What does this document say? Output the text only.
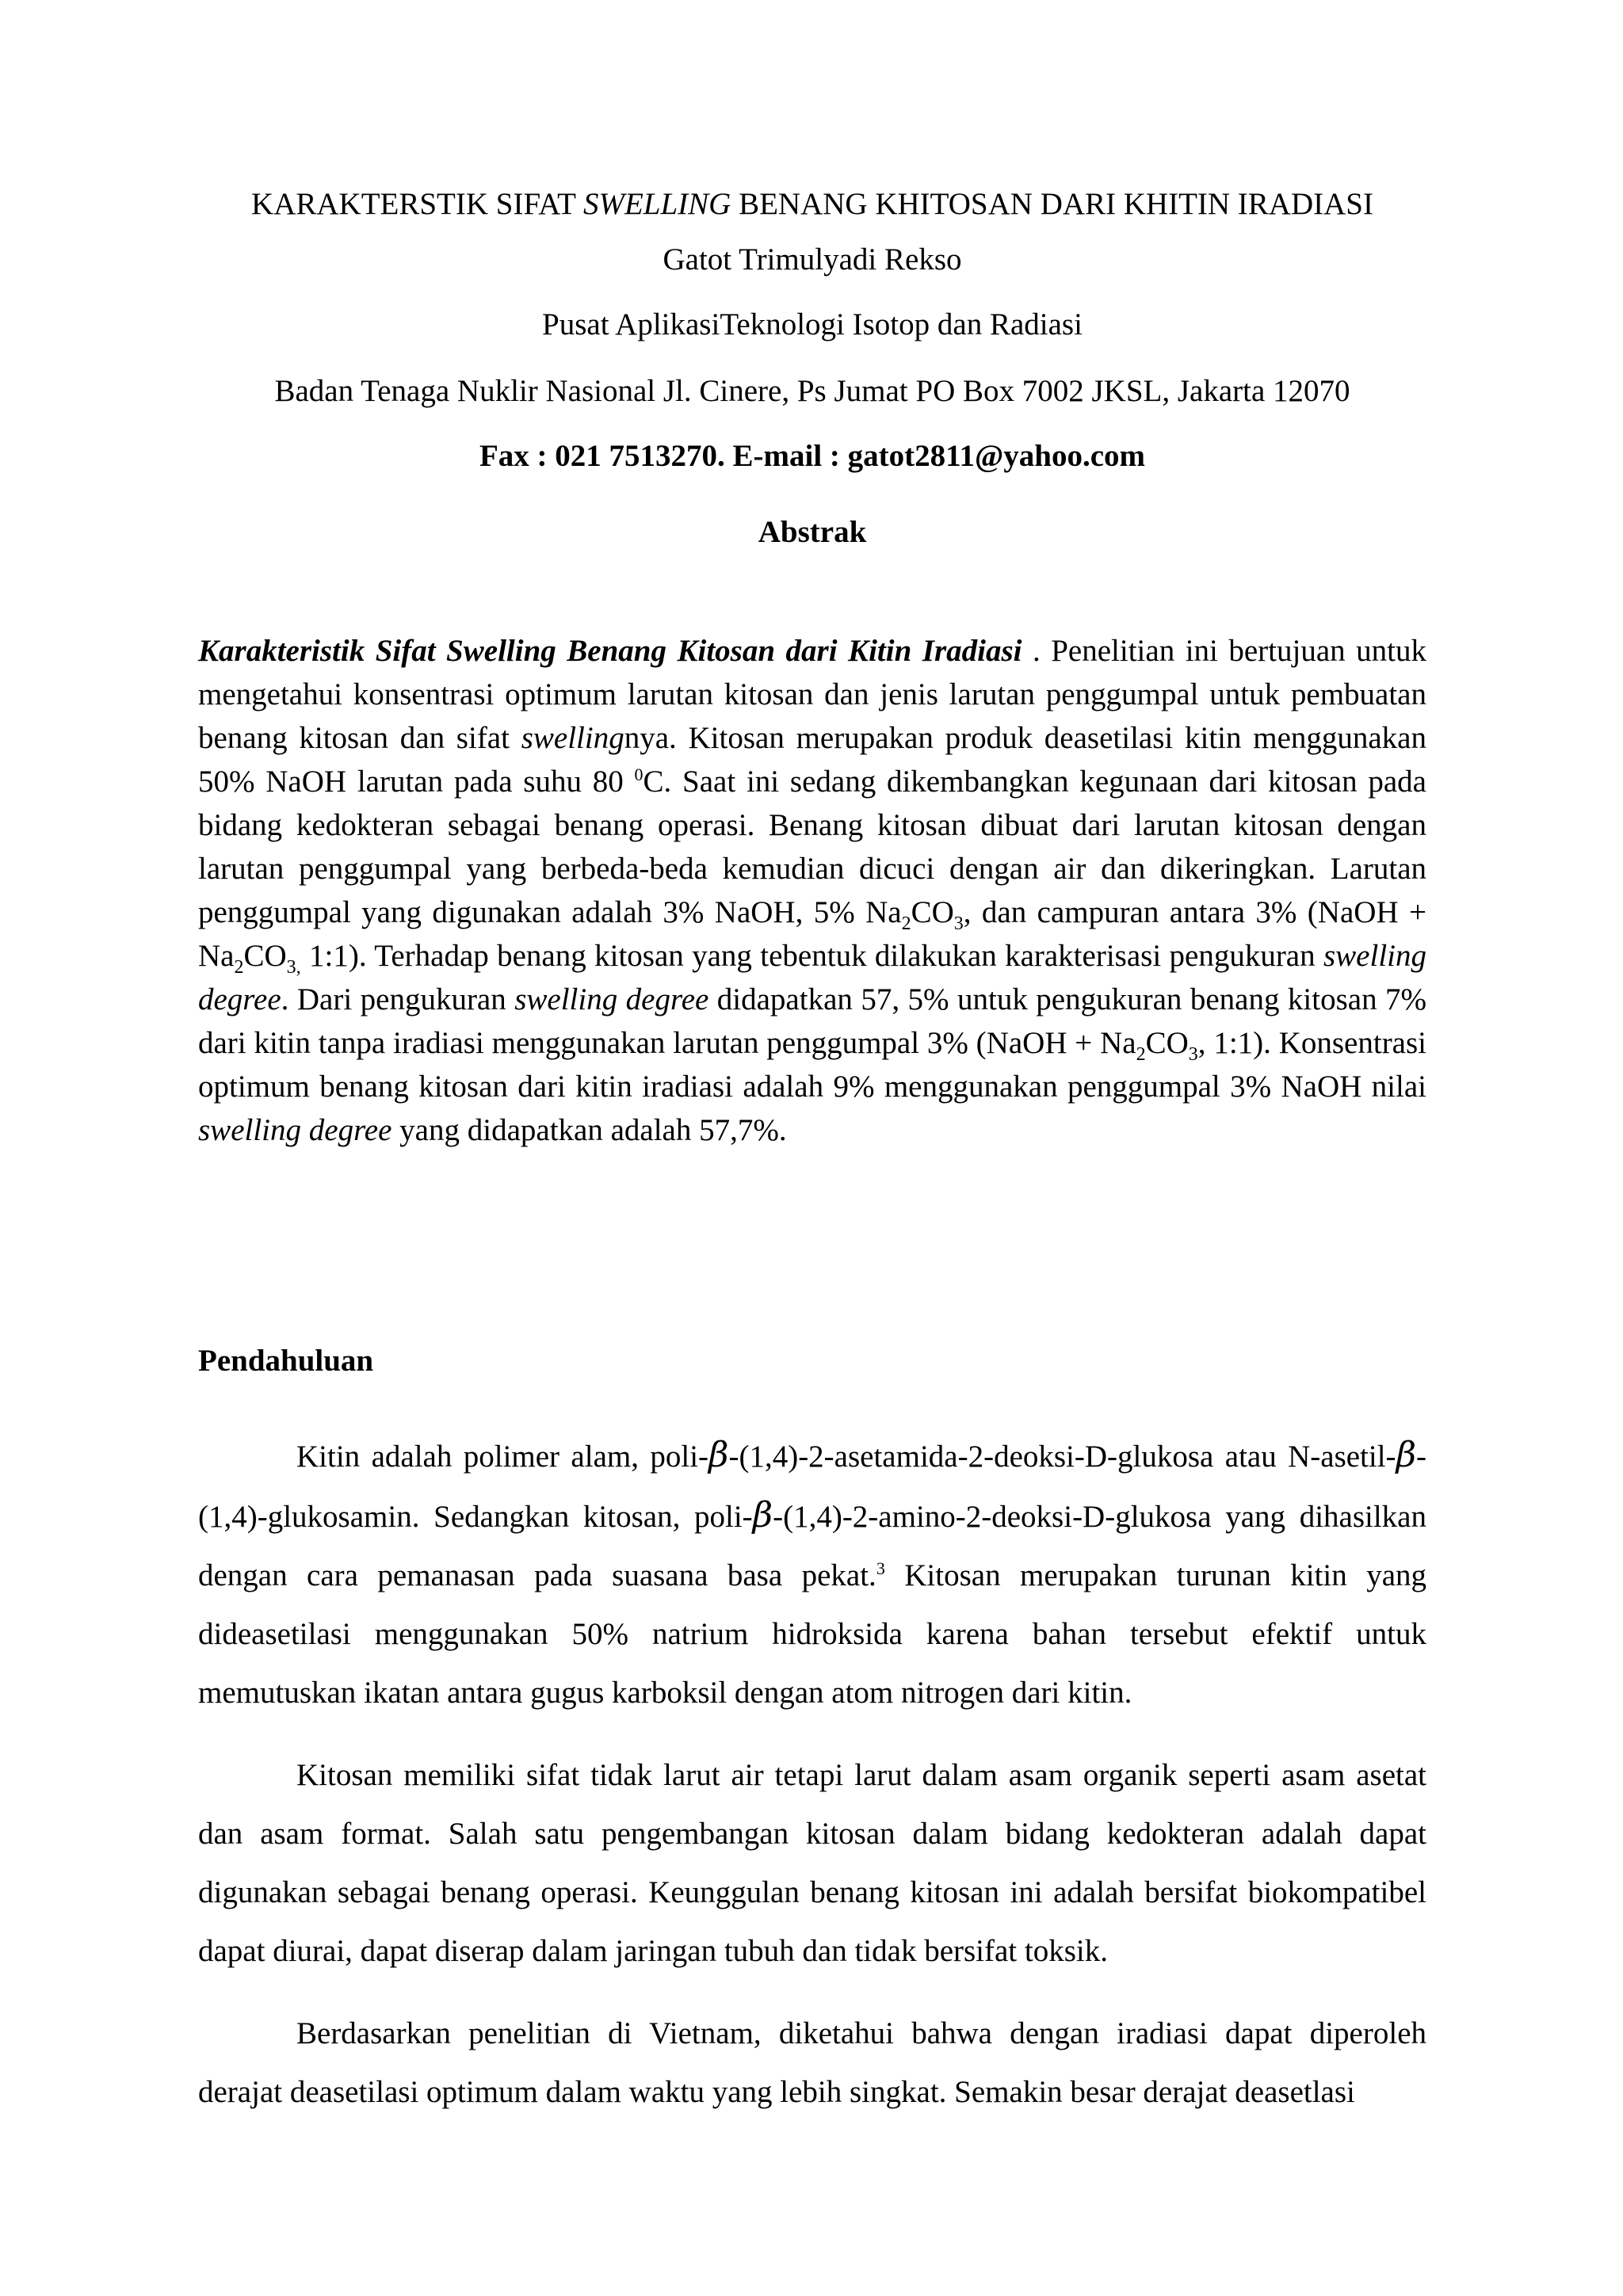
KARAKTERSTIK SIFAT SWELLING BENANG KHITOSAN DARI KHITIN IRADIASI
Gatot Trimulyadi Rekso
Pusat AplikasiTeknologi Isotop dan Radiasi
Badan Tenaga Nuklir Nasional Jl. Cinere, Ps Jumat PO Box 7002 JKSL, Jakarta 12070
Fax : 021 7513270. E-mail : gatot2811@yahoo.com
Abstrak

Karakteristik Sifat Swelling Benang Kitosan dari Kitin Iradiasi . Penelitian ini bertujuan untuk mengetahui konsentrasi optimum larutan kitosan dan jenis larutan penggumpal untuk pembuatan benang kitosan dan sifat swellingnya. Kitosan merupakan produk deasetilasi kitin menggunakan 50% NaOH larutan pada suhu 80 $^0$C. Saat ini sedang dikembangkan kegunaan dari kitosan pada bidang kedokteran sebagai benang operasi. Benang kitosan dibuat dari larutan kitosan dengan larutan penggumpal yang berbeda-beda kemudian dicuci dengan air dan dikeringkan. Larutan penggumpal yang digunakan adalah 3% NaOH, 5% $Na_2CO_3$, dan campuran antara 3% (NaOH + $Na_2CO_{3,}$ 1:1). Terhadap benang kitosan yang tebentuk dilakukan karakterisasi pengukuran swelling degree. Dari pengukuran swelling degree didapatkan 57, 5% untuk pengukuran benang kitosan 7% dari kitin tanpa iradiasi menggunakan larutan penggumpal 3% (NaOH + $Na_2CO_3$, 1:1). Konsentrasi optimum benang kitosan dari kitin iradiasi adalah 9% menggunakan penggumpal 3% NaOH nilai swelling degree yang didapatkan adalah 57,7%.

Pendahuluan

Kitin adalah polimer alam, poli-β-(1,4)-2-asetamida-2-deoksi-D-glukosa atau N-asetil-β-(1,4)-glukosamin. Sedangkan kitosan, poli-β-(1,4)-2-amino-2-deoksi-D-glukosa yang dihasilkan dengan cara pemanasan pada suasana basa pekat.$^3$ Kitosan merupakan turunan kitin yang dideasetilasi menggunakan 50% natrium hidroksida karena bahan tersebut efektif untuk memutuskan ikatan antara gugus karboksil dengan atom nitrogen dari kitin.

Kitosan memiliki sifat tidak larut air tetapi larut dalam asam organik seperti asam asetat dan asam format. Salah satu pengembangan kitosan dalam bidang kedokteran adalah dapat digunakan sebagai benang operasi. Keunggulan benang kitosan ini adalah bersifat biokompatibel dapat diurai, dapat diserap dalam jaringan tubuh dan tidak bersifat toksik.

Berdasarkan penelitian di Vietnam, diketahui bahwa dengan iradiasi dapat diperoleh derajat deasetilasi optimum dalam waktu yang lebih singkat. Semakin besar derajat deasetlasi
